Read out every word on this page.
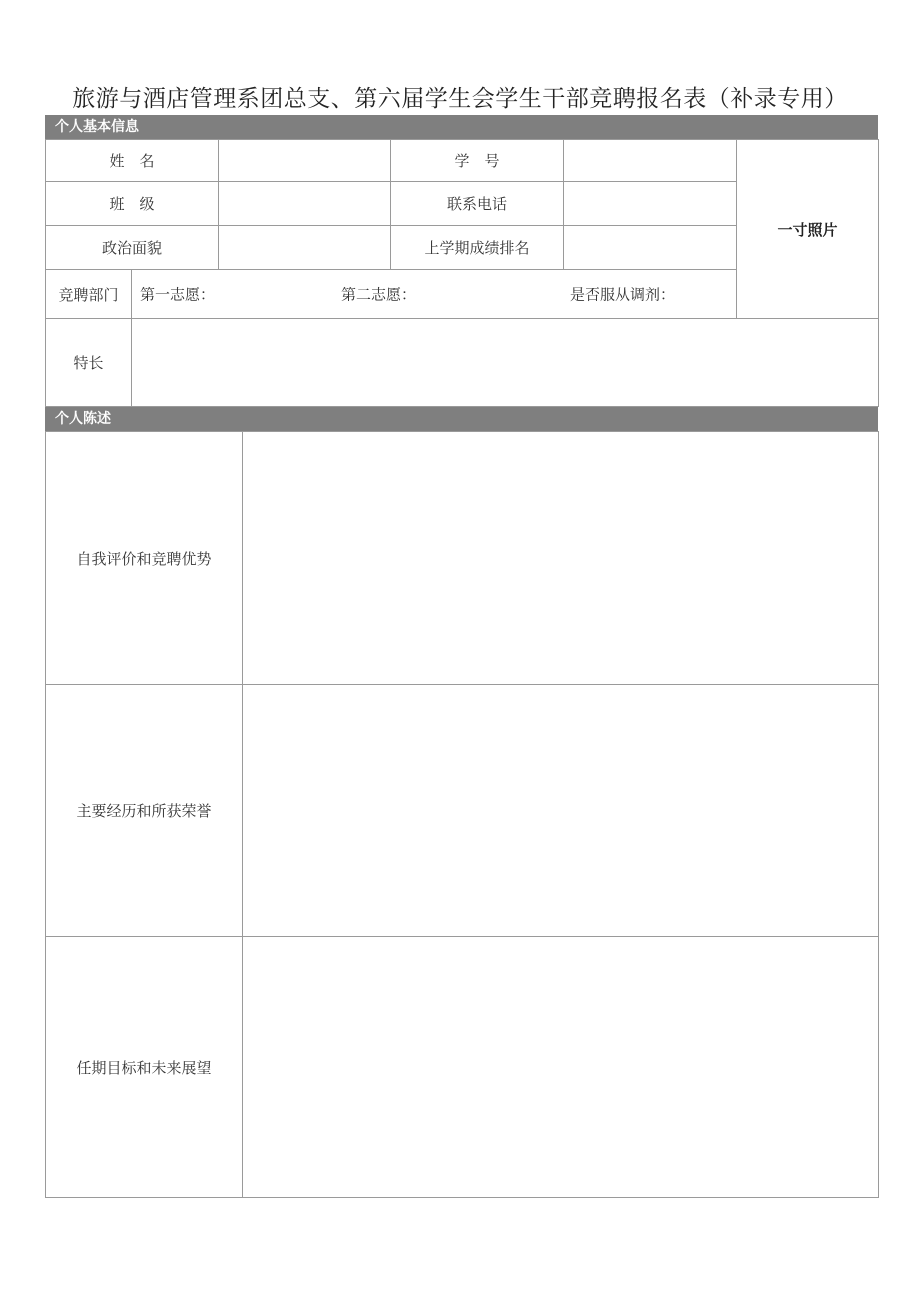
旅游与酒店管理系团总支、第六届学生会学生干部竞聘报名表（补录专用）
个人基本信息
姓　名			学　号		一寸照片
班　级			联系电话		
政治面貌			上学期成绩排名		
竞聘部门	第一志愿： 第二志愿： 是否服从调剂：				

特长					
个人陈述
自我评价和竞聘优势	
主要经历和所获荣誉	
任期目标和未来展望	
